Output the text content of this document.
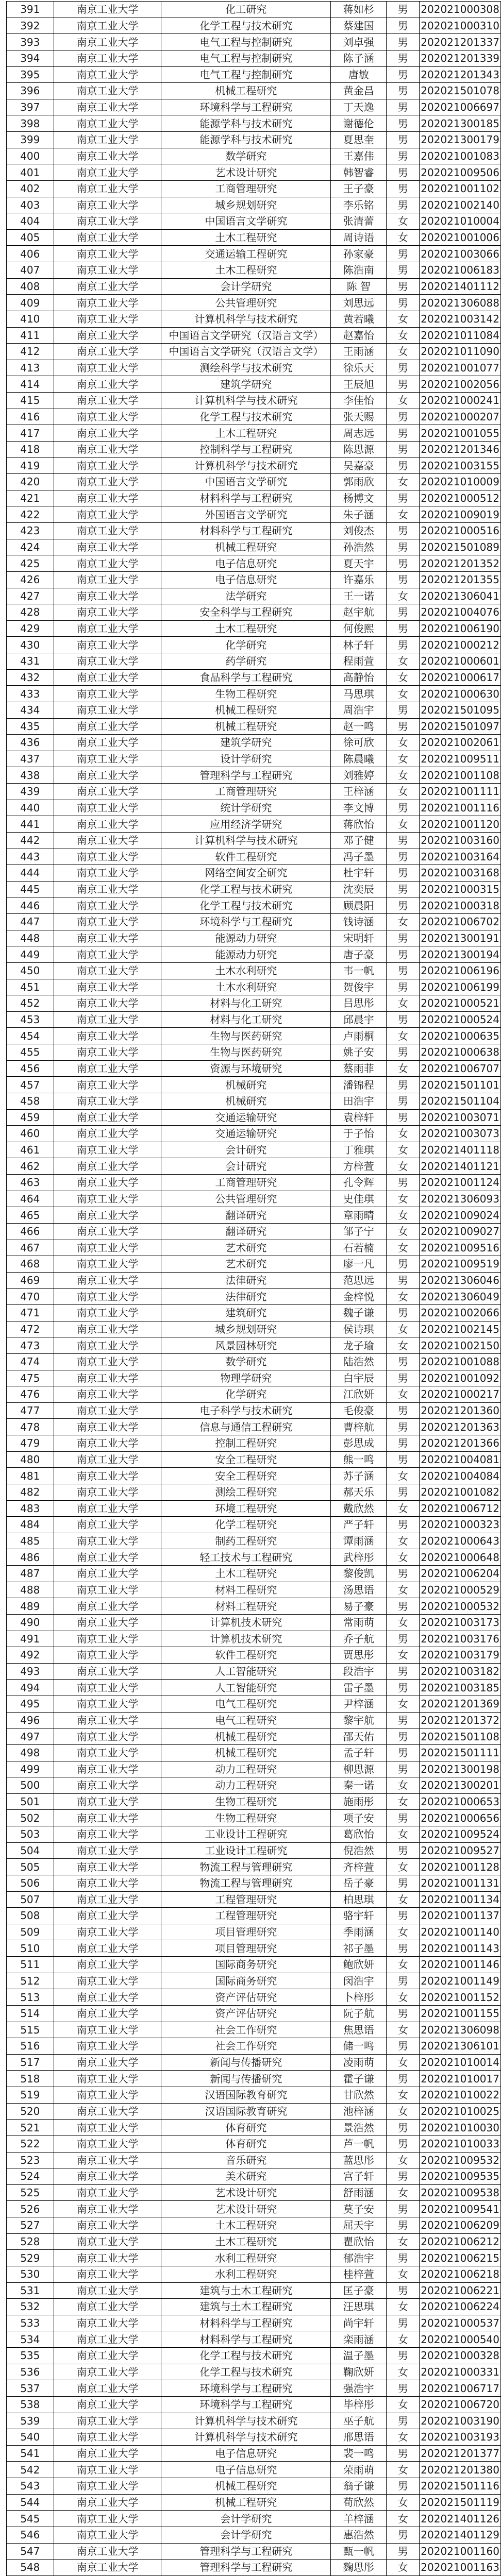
391	南京工业大学	化工研究	蒋如杉	男	202021000308
392	南京工业大学	化学工程与技术研究	蔡建国	男	202021000310
393	南京工业大学	电气工程与控制研究	刘卓强	男	202021201337
394	南京工业大学	电气工程与控制研究	陈子涵	男	202021201339
395	南京工业大学	电气工程与控制研究	唐敏	男	202021201343
396	南京工业大学	机械工程研究	黄金昌	男	202021501078
397	南京工业大学	环境科学与工程研究	丁天逸	男	202021006697
398	南京工业大学	能源学科与技术研究	谢德伦	男	202021300185
399	南京工业大学	能源学科与技术研究	夏思奎	男	202021300179
400	南京工业大学	数学研究	王嘉伟	男	202021001083
401	南京工业大学	艺术设计研究	韩智睿	男	202021009506
402	南京工业大学	工商管理研究	王子豪	男	202021001102
403	南京工业大学	城乡规划研究	李乐铭	男	202021002140
404	南京工业大学	中国语言文学研究	张清蕾	女	202021010004
405	南京工业大学	土木工程研究	周诗语	女	202021001006
406	南京工业大学	交通运输工程研究	孙家豪	男	202021003066
407	南京工业大学	土木工程研究	陈浩南	男	202021006183
408	南京工业大学	会计学研究	陈 智	男	202021401112
409	南京工业大学	公共管理研究	刘思远	男	202021306088
410	南京工业大学	计算机科学与技术研究	黄若曦	女	202021003142
411	南京工业大学	中国语言文学研究（汉语言文学）	赵嘉怡	女	202021011084
412	南京工业大学	中国语言文学研究（汉语言文学）	王雨涵	女	202021011090
413	南京工业大学	测绘科学与技术研究	徐乐天	男	202021001077
414	南京工业大学	建筑学研究	王辰旭	男	202021002056
415	南京工业大学	计算机科学与技术研究	李佳怡	女	202021000241
416	南京工业大学	化学工程与技术研究	张天赐	男	202021000207
417	南京工业大学	土木工程研究	周志远	男	202021001055
418	南京工业大学	控制科学与工程研究	陈思源	男	202021201346
419	南京工业大学	计算机科学与技术研究	吴嘉豪	男	202021003155
420	南京工业大学	中国语言文学研究	郭雨欣	女	202021010009
421	南京工业大学	材料科学与工程研究	杨博文	男	202021000512
422	南京工业大学	外国语言文学研究	朱子涵	女	202021009019
423	南京工业大学	材料科学与工程研究	刘俊杰	男	202021000516
424	南京工业大学	机械工程研究	孙浩然	男	202021501089
425	南京工业大学	电子信息研究	夏天宇	男	202021201352
426	南京工业大学	电子信息研究	许嘉乐	男	202021201355
427	南京工业大学	法学研究	王一诺	女	202021306041
428	南京工业大学	安全科学与工程研究	赵宇航	男	202021004076
429	南京工业大学	土木工程研究	何俊熙	男	202021006190
430	南京工业大学	化学研究	林子轩	男	202021000212
431	南京工业大学	药学研究	程雨萱	女	202021000601
432	南京工业大学	食品科学与工程研究	高静怡	女	202021000617
433	南京工业大学	生物工程研究	马思琪	女	202021000630
434	南京工业大学	机械工程研究	周浩宇	男	202021501095
435	南京工业大学	机械工程研究	赵一鸣	男	202021501097
436	南京工业大学	建筑学研究	徐可欣	女	202021002061
437	南京工业大学	设计学研究	陈晨曦	女	202021009511
438	南京工业大学	管理科学与工程研究	刘雅婷	女	202021001108
439	南京工业大学	工商管理研究	王梓涵	女	202021001111
440	南京工业大学	统计学研究	李文博	男	202021001116
441	南京工业大学	应用经济学研究	蒋欣怡	女	202021001120
442	南京工业大学	计算机科学与技术研究	邓子健	男	202021003160
443	南京工业大学	软件工程研究	冯子墨	男	202021003164
444	南京工业大学	网络空间安全研究	杜宇轩	男	202021003168
445	南京工业大学	化学工程与技术研究	沈奕辰	男	202021000315
446	南京工业大学	化学工程与技术研究	顾晨阳	男	202021000318
447	南京工业大学	环境科学与工程研究	钱诗涵	女	202021006702
448	南京工业大学	能源动力研究	宋明轩	男	202021300191
449	南京工业大学	能源动力研究	唐子豪	男	202021300194
450	南京工业大学	土木水利研究	韦一帆	男	202021006196
451	南京工业大学	土木水利研究	贺俊宇	男	202021006199
452	南京工业大学	材料与化工研究	吕思彤	女	202021000521
453	南京工业大学	材料与化工研究	邱晨宇	男	202021000524
454	南京工业大学	生物与医药研究	卢雨桐	女	202021000635
455	南京工业大学	生物与医药研究	姚子安	男	202021000638
456	南京工业大学	资源与环境研究	蔡雨菲	女	202021006707
457	南京工业大学	机械研究	潘锦程	男	202021501101
458	南京工业大学	机械研究	田浩宇	男	202021501104
459	南京工业大学	交通运输研究	袁梓轩	男	202021003071
460	南京工业大学	交通运输研究	于子怡	女	202021003073
461	南京工业大学	会计研究	丁雅琪	女	202021401118
462	南京工业大学	会计研究	方梓萱	女	202021401121
463	南京工业大学	工商管理研究	孔令辉	男	202021001124
464	南京工业大学	公共管理研究	史佳琪	女	202021306093
465	南京工业大学	翻译研究	章雨晴	女	202021009024
466	南京工业大学	翻译研究	邹子宁	女	202021009027
467	南京工业大学	艺术研究	石若楠	女	202021009516
468	南京工业大学	艺术研究	廖一凡	男	202021009519
469	南京工业大学	法律研究	范思远	男	202021306046
470	南京工业大学	法律研究	金梓悦	女	202021306049
471	南京工业大学	建筑研究	魏子谦	男	202021002066
472	南京工业大学	城乡规划研究	侯诗琪	女	202021002145
473	南京工业大学	风景园林研究	龙子瑜	女	202021002150
474	南京工业大学	数学研究	陆浩然	男	202021001088
475	南京工业大学	物理学研究	白宇辰	男	202021001092
476	南京工业大学	化学研究	江欣妍	女	202021000217
477	南京工业大学	电子科学与技术研究	毛俊豪	男	202021201360
478	南京工业大学	信息与通信工程研究	曹梓航	男	202021201363
479	南京工业大学	控制工程研究	彭思成	男	202021201366
480	南京工业大学	安全工程研究	熊一鸣	男	202021004081
481	南京工业大学	安全工程研究	苏子涵	女	202021004084
482	南京工业大学	测绘工程研究	郝天乐	男	202021001082
483	南京工业大学	环境工程研究	戴欣然	女	202021006712
484	南京工业大学	化学工程研究	严子轩	男	202021000323
485	南京工业大学	制药工程研究	谭雨涵	女	202021000643
486	南京工业大学	轻工技术与工程研究	武梓彤	女	202021000648
487	南京工业大学	土木工程研究	黎俊凯	男	202021006204
488	南京工业大学	材料工程研究	汤思语	女	202021000529
489	南京工业大学	材料工程研究	易子豪	男	202021000532
490	南京工业大学	计算机技术研究	常雨萌	女	202021003173
491	南京工业大学	计算机技术研究	乔子航	男	202021003176
492	南京工业大学	软件工程研究	贾思彤	女	202021003179
493	南京工业大学	人工智能研究	段浩宇	男	202021003182
494	南京工业大学	人工智能研究	雷子墨	男	202021003185
495	南京工业大学	电气工程研究	尹梓涵	女	202021201369
496	南京工业大学	电气工程研究	黎宇航	男	202021201372
497	南京工业大学	机械工程研究	邵天佑	男	202021501108
498	南京工业大学	机械工程研究	孟子轩	男	202021501111
499	南京工业大学	动力工程研究	柳思源	男	202021300198
500	南京工业大学	动力工程研究	秦一诺	女	202021300201
501	南京工业大学	生物工程研究	施雨彤	女	202021000653
502	南京工业大学	生物工程研究	项子安	男	202021000656
503	南京工业大学	工业设计工程研究	葛欣怡	女	202021009524
504	南京工业大学	工业设计工程研究	倪浩然	男	202021009527
505	南京工业大学	物流工程与管理研究	齐梓萱	女	202021001128
506	南京工业大学	物流工程与管理研究	岳子豪	男	202021001131
507	南京工业大学	工程管理研究	柏思琪	女	202021001134
508	南京工业大学	工程管理研究	骆宇轩	男	202021001137
509	南京工业大学	项目管理研究	季雨涵	女	202021001140
510	南京工业大学	项目管理研究	祁子墨	男	202021001143
511	南京工业大学	国际商务研究	鲍欣妍	女	202021001146
512	南京工业大学	国际商务研究	闵浩宇	男	202021001149
513	南京工业大学	资产评估研究	卜梓彤	女	202021001152
514	南京工业大学	资产评估研究	阮子航	男	202021001155
515	南京工业大学	社会工作研究	焦思语	女	202021306098
516	南京工业大学	社会工作研究	储一鸣	男	202021306101
517	南京工业大学	新闻与传播研究	凌雨萌	女	202021010014
518	南京工业大学	新闻与传播研究	霍子谦	男	202021010017
519	南京工业大学	汉语国际教育研究	甘欣然	女	202021010022
520	南京工业大学	汉语国际教育研究	池梓涵	女	202021010025
521	南京工业大学	体育研究	景浩然	男	202021010030
522	南京工业大学	体育研究	芦一帆	男	202021010033
523	南京工业大学	音乐研究	蓝思彤	女	202021009532
524	南京工业大学	美术研究	宫子轩	男	202021009535
525	南京工业大学	艺术设计研究	舒雨涵	女	202021009538
526	南京工业大学	艺术设计研究	莫子安	男	202021009541
527	南京工业大学	土木工程研究	屈天宇	男	202021006209
528	南京工业大学	土木工程研究	瞿欣怡	女	202021006212
529	南京工业大学	水利工程研究	郁浩宇	男	202021006215
530	南京工业大学	水利工程研究	桂梓萱	女	202021006218
531	南京工业大学	建筑与土木工程研究	匡子豪	男	202021006221
532	南京工业大学	建筑与土木工程研究	汪思琪	女	202021006224
533	南京工业大学	材料科学与工程研究	尚宇轩	男	202021000537
534	南京工业大学	材料科学与工程研究	栾雨涵	女	202021000540
535	南京工业大学	化学工程与技术研究	温子墨	男	202021000328
536	南京工业大学	化学工程与技术研究	鞠欣妍	女	202021000331
537	南京工业大学	环境科学与工程研究	强浩宇	男	202021006717
538	南京工业大学	环境科学与工程研究	毕梓彤	女	202021006720
539	南京工业大学	计算机科学与技术研究	巫子航	男	202021003190
540	南京工业大学	计算机科学与技术研究	邢思语	女	202021003193
541	南京工业大学	电子信息研究	裴一鸣	男	202021201377
542	南京工业大学	电子信息研究	荣雨萌	女	202021201380
543	南京工业大学	机械工程研究	翁子谦	男	202021501116
544	南京工业大学	机械工程研究	荀欣然	女	202021501119
545	南京工业大学	会计学研究	羊梓涵	女	202021401126
546	南京工业大学	会计学研究	惠浩然	男	202021401129
547	南京工业大学	管理科学与工程研究	甄一帆	男	202021001160
548	南京工业大学	管理科学与工程研究	麴思彤	女	202021001163
